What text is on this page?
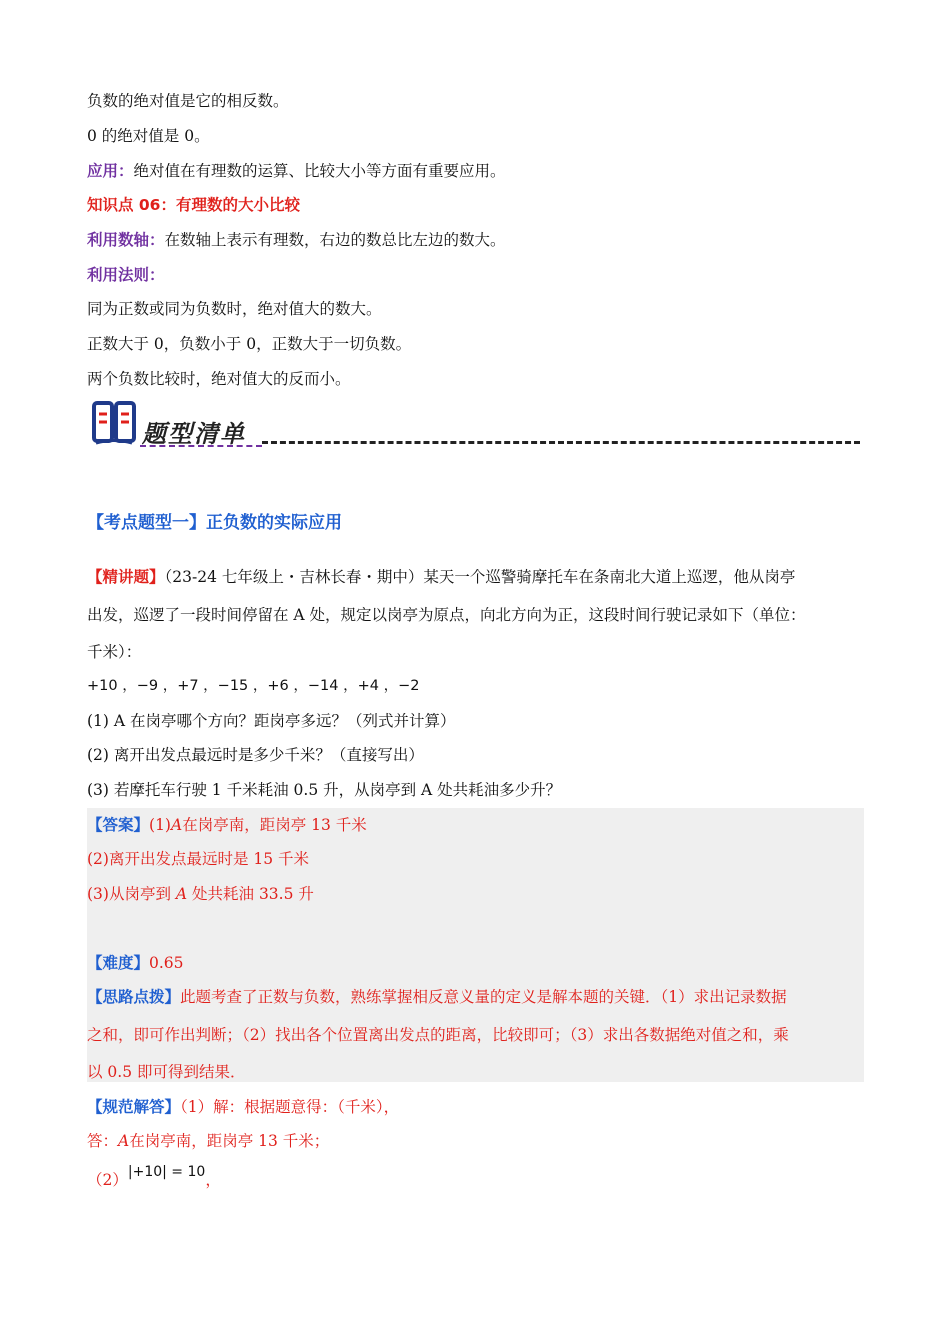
负数的绝对值是它的相反数。
0 的绝对值是 0。
应用：绝对值在有理数的运算、比较大小等方面有重要应用。
知识点 06：有理数的大小比较
利用数轴：在数轴上表示有理数，右边的数总比左边的数大。
利用法则：
同为正数或同为负数时，绝对值大的数大。
正数大于 0，负数小于 0，正数大于一切负数。
两个负数比较时，绝对值大的反而小。
题型清单
【考点题型一】正负数的实际应用
【精讲题】（23-24 七年级上・吉林长春・期中）某天一个巡警骑摩托车在条南北大道上巡逻，他从岗亭
出发，巡逻了一段时间停留在 A 处，规定以岗亭为原点，向北方向为正，这段时间行驶记录如下（单位：
千米）：
+10 ，−9 ，+7 ，−15 ，+6 ，−14 ，+4 ，−2
(1) A 在岗亭哪个方向？距岗亭多远？（列式并计算）
(2) 离开出发点最远时是多少千米？（直接写出）
(3) 若摩托车行驶 1 千米耗油 0.5 升，从岗亭到 A 处共耗油多少升？
【答案】(1)A在岗亭南，距岗亭 13 千米
(2)离开出发点最远时是 15 千米
(3)从岗亭到 A 处共耗油 33.5 升
【难度】0.65
【思路点拨】此题考查了正数与负数，熟练掌握相反意义量的定义是解本题的关键．（1）求出记录数据
之和，即可作出判断；（2）找出各个位置离出发点的距离，比较即可；（3）求出各数据绝对值之和，乘
以 0.5 即可得到结果．
【规范解答】（1）解：根据题意得：（千米），
答：A在岗亭南，距岗亭 13 千米；
（2）|+10| = 10，
